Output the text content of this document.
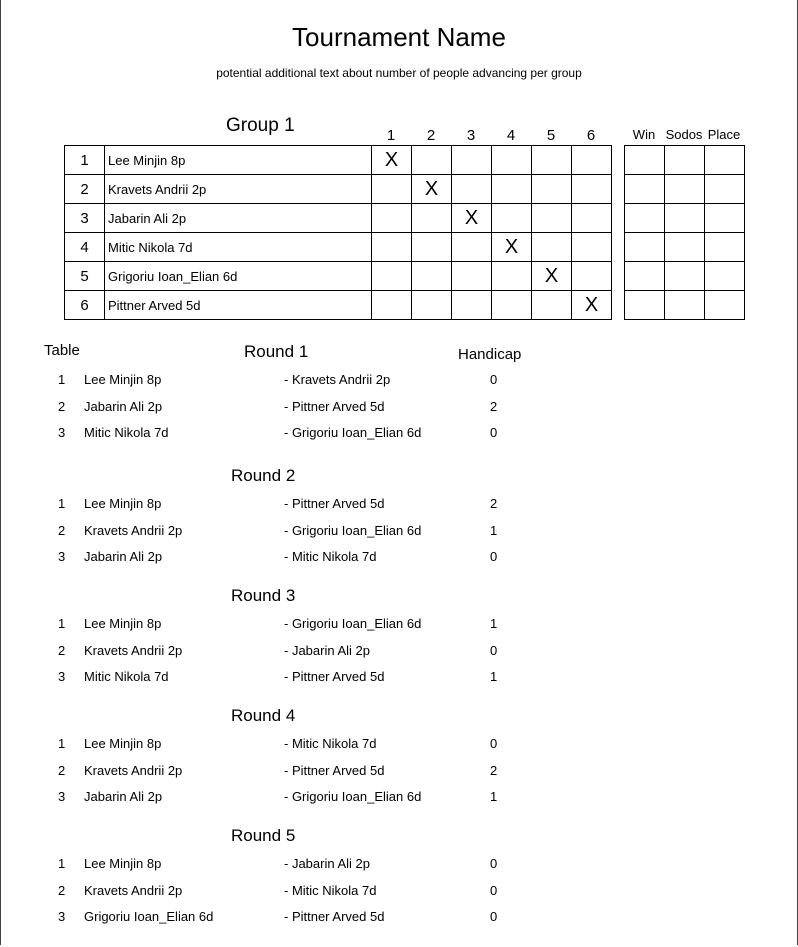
Tournament Name
potential additional text about number of people advancing per group
Group 1	1	2	3	4	5	6	Win Sodos Place
1	Lee Minjin 8p	X					
2	Kravets Andrii 2p		X				
3	Jabarin Ali 2p			X			
4	Mitic Nikola 7d				X		
5	Grigoriu Ioan_Elian 6d					X	
6	Pittner Arved 5d						X

Table	Handicap
Round 1
1 Lee Minjin 8p	- Kravets Andrii 2p	0
2 Jabarin Ali 2p	- Pittner Arved 5d	2
3 Mitic Nikola 7d	- Grigoriu Ioan_Elian 6d	0
Round 2
1 Lee Minjin 8p	- Pittner Arved 5d	2
2 Kravets Andrii 2p	- Grigoriu Ioan_Elian 6d	1
3 Jabarin Ali 2p	- Mitic Nikola 7d	0
Round 3
1 Lee Minjin 8p	- Grigoriu Ioan_Elian 6d	1
2 Kravets Andrii 2p	- Jabarin Ali 2p	0
3 Mitic Nikola 7d	- Pittner Arved 5d	1
Round 4
1 Lee Minjin 8p	- Mitic Nikola 7d	0
2 Kravets Andrii 2p	- Pittner Arved 5d	2
3 Jabarin Ali 2p	- Grigoriu Ioan_Elian 6d	1
Round 5
1 Lee Minjin 8p	- Jabarin Ali 2p	0
2 Kravets Andrii 2p	- Mitic Nikola 7d	0
3 Grigoriu Ioan_Elian 6d	- Pittner Arved 5d	0
